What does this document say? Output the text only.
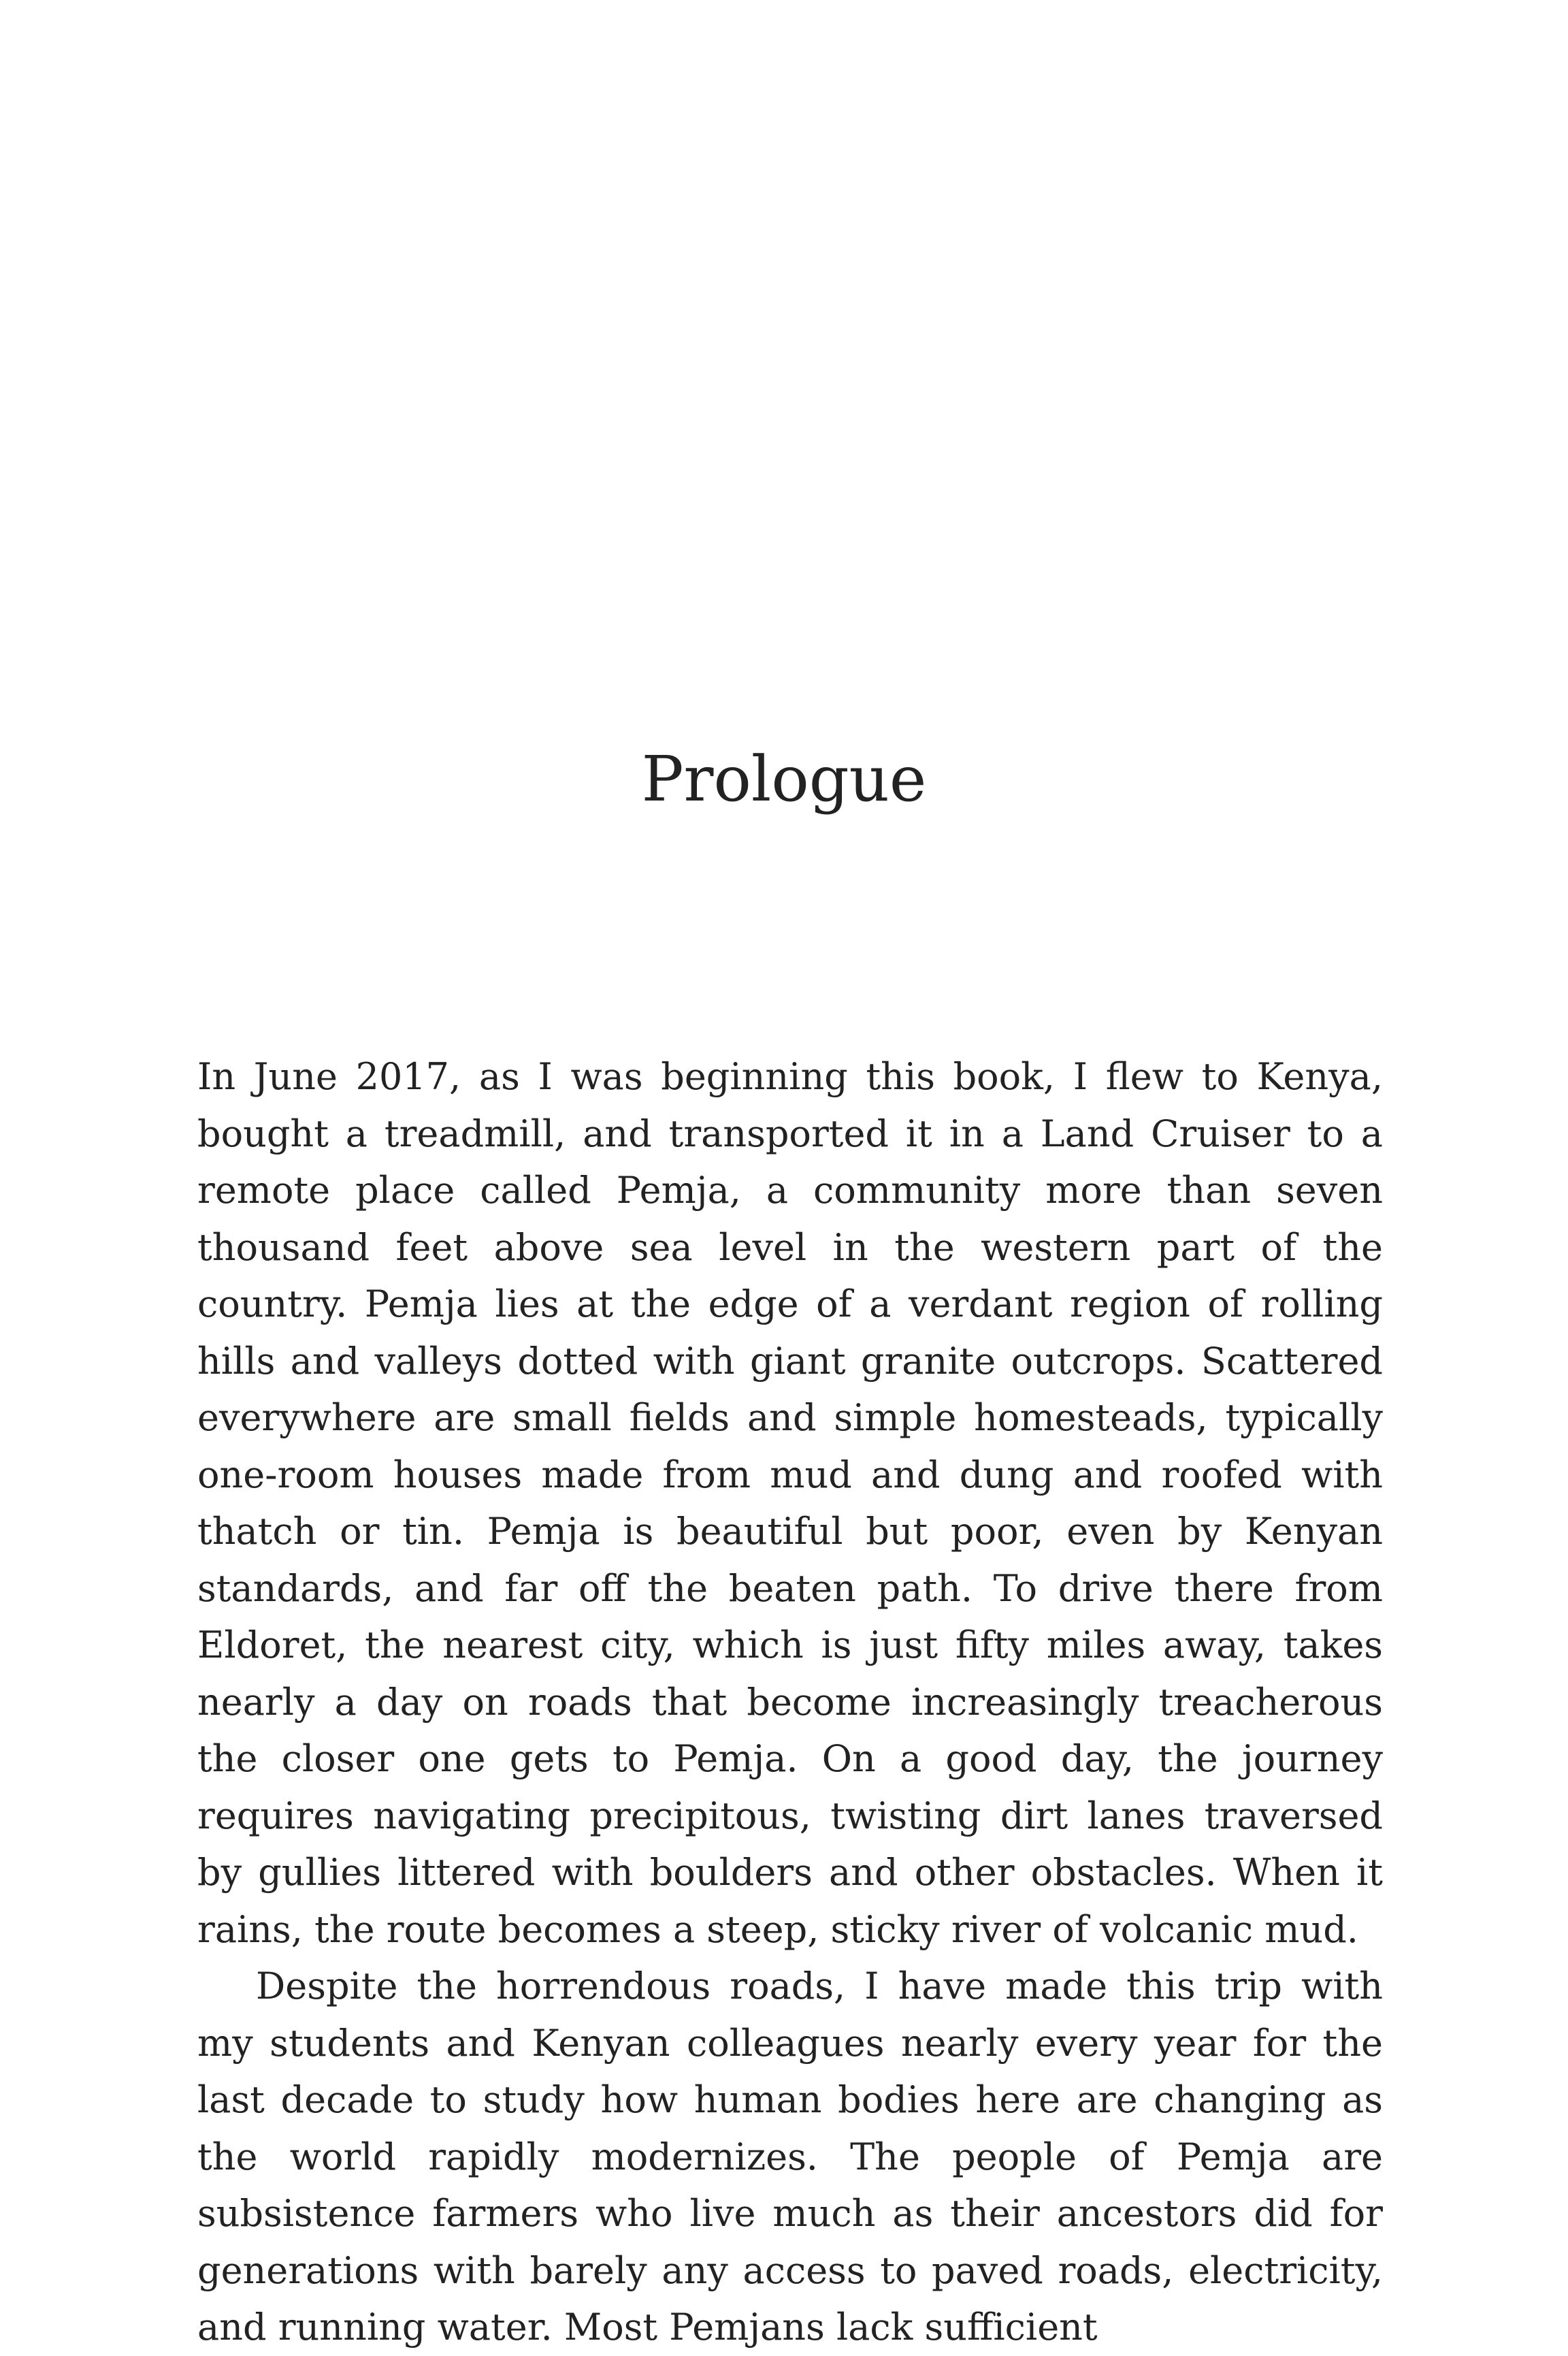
Prologue

In June 2017, as I was beginning this book, I flew to Kenya, bought a treadmill, and transported it in a Land Cruiser to a remote place called Pemja, a community more than seven thousand feet above sea level in the western part of the country. Pemja lies at the edge of a verdant region of rolling hills and valleys dotted with giant granite outcrops. Scattered everywhere are small fields and simple homesteads, typically one-room houses made from mud and dung and roofed with thatch or tin. Pemja is beautiful but poor, even by Kenyan standards, and far off the beaten path. To drive there from Eldoret, the nearest city, which is just fifty miles away, takes nearly a day on roads that become increasingly treacherous the closer one gets to Pemja. On a good day, the journey requires navigating precipitous, twisting dirt lanes traversed by gullies littered with boulders and other obstacles. When it rains, the route becomes a steep, sticky river of volcanic mud.

Despite the horrendous roads, I have made this trip with my students and Kenyan colleagues nearly every year for the last decade to study how human bodies here are changing as the world rapidly modernizes. The people of Pemja are subsistence farmers who live much as their ancestors did for generations with barely any access to paved roads, electricity, and running water. Most Pemjans lack sufficient
